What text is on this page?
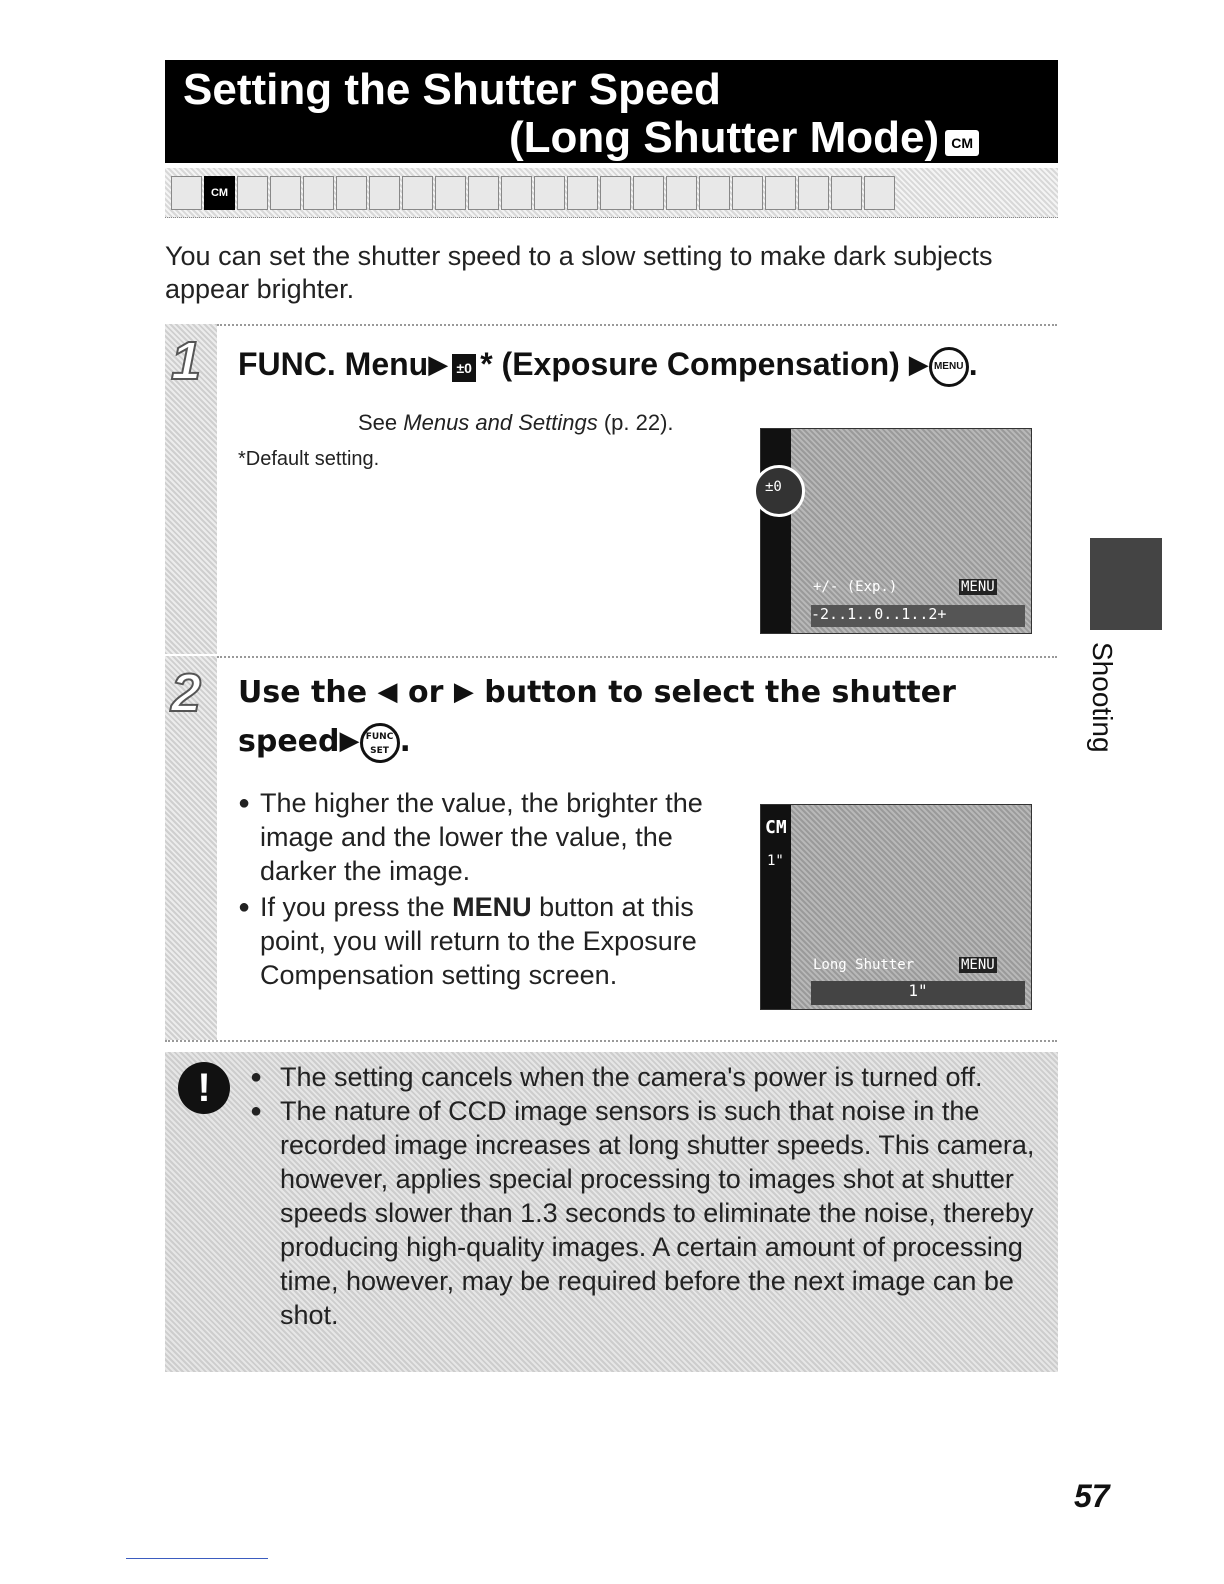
Setting the Shutter Speed
(Long Shutter Mode) CM
CM
You can set the shutter speed to a slow setting to make dark subjects appear brighter.
1 FUNC. Menu▶ ±0 * (Exposure Compensation) ▶ MENU .
See Menus and Settings (p. 22).
*Default setting.
±0
+/- (Exp.)	MENU
-2..1..0..1..2+
2 Use the ◀ or ▶ button to select the shutter
speed▶ FUNC SET .
● The higher the value, the brighter the image and the lower the value, the darker the image.
● If you press the MENU button at this point, you will return to the Exposure Compensation setting screen.
CM
1"
Long Shutter	MENU
1"
!
●	The setting cancels when the camera's power is turned off.
● The nature of CCD image sensors is such that noise in the recorded image increases at long shutter speeds. This camera, however, applies special processing to images shot at shutter speeds slower than 1.3 seconds to eliminate the noise, thereby producing high-quality images. A certain amount of processing time, however, may be required before the next image can be shot.
Shooting
57
